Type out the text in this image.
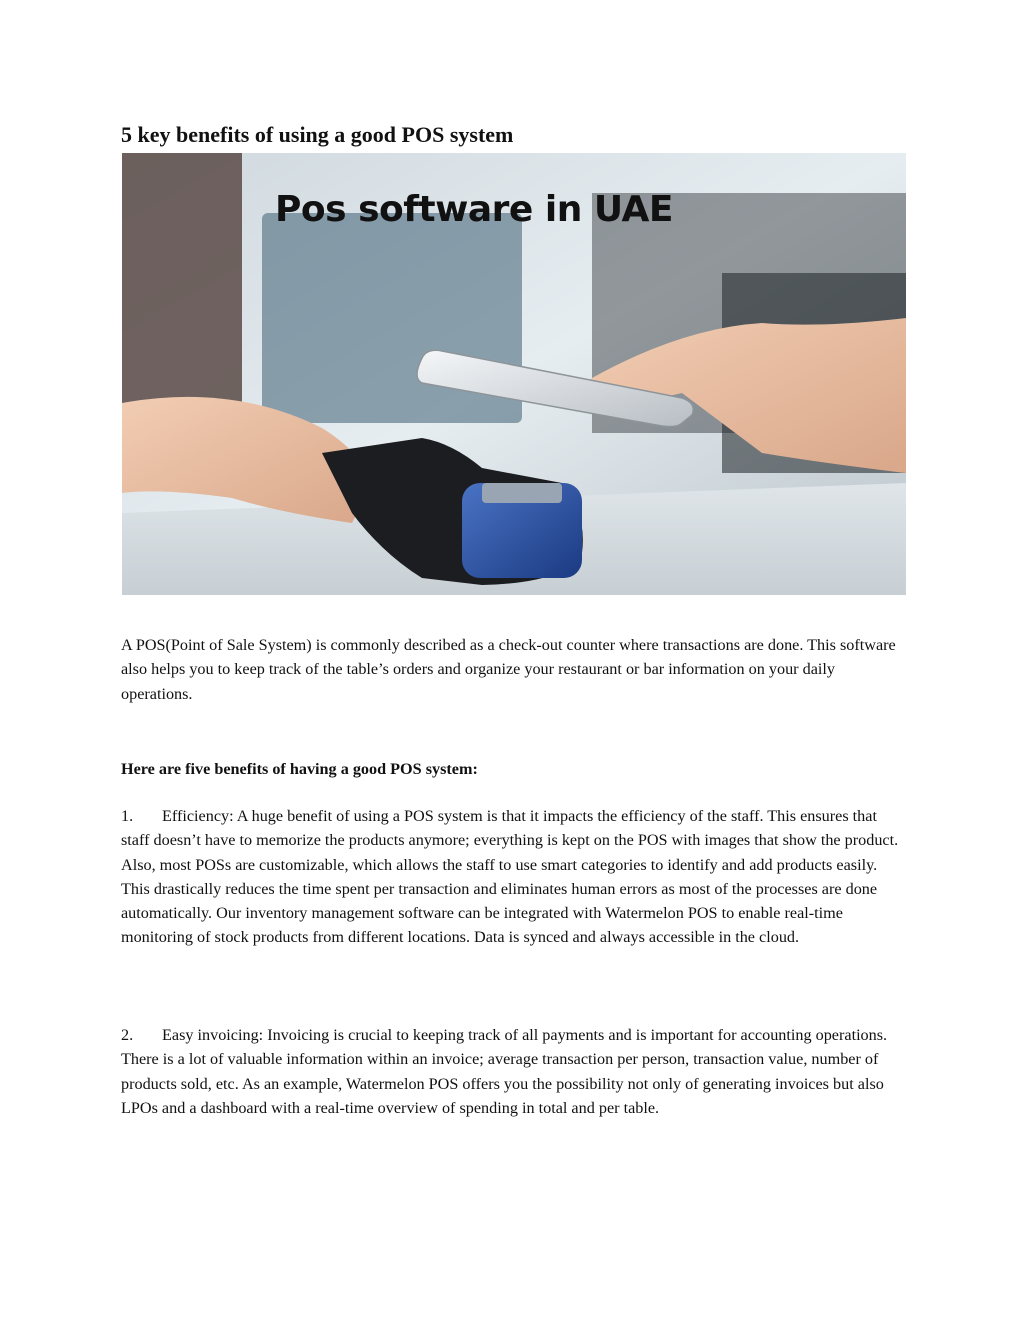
5 key benefits of using a good POS system
Pos software in UAE

A POS(Point of Sale System) is commonly described as a check-out counter where transactions are done. This software also helps you to keep track of the table’s orders and organize your restaurant or bar information on your daily operations.

Here are five benefits of having a good POS system:

1. Efficiency: A huge benefit of using a POS system is that it impacts the efficiency of the staff. This ensures that staff doesn’t have to memorize the products anymore; everything is kept on the POS with images that show the product. Also, most POSs are customizable, which allows the staff to use smart categories to identify and add products easily. This drastically reduces the time spent per transaction and eliminates human errors as most of the processes are done automatically. Our inventory management software can be integrated with Watermelon POS to enable real-time monitoring of stock products from different locations. Data is synced and always accessible in the cloud.

2. Easy invoicing: Invoicing is crucial to keeping track of all payments and is important for accounting operations. There is a lot of valuable information within an invoice; average transaction per person, transaction value, number of products sold, etc. As an example, Watermelon POS offers you the possibility not only of generating invoices but also LPOs and a dashboard with a real-time overview of spending in total and per table.
